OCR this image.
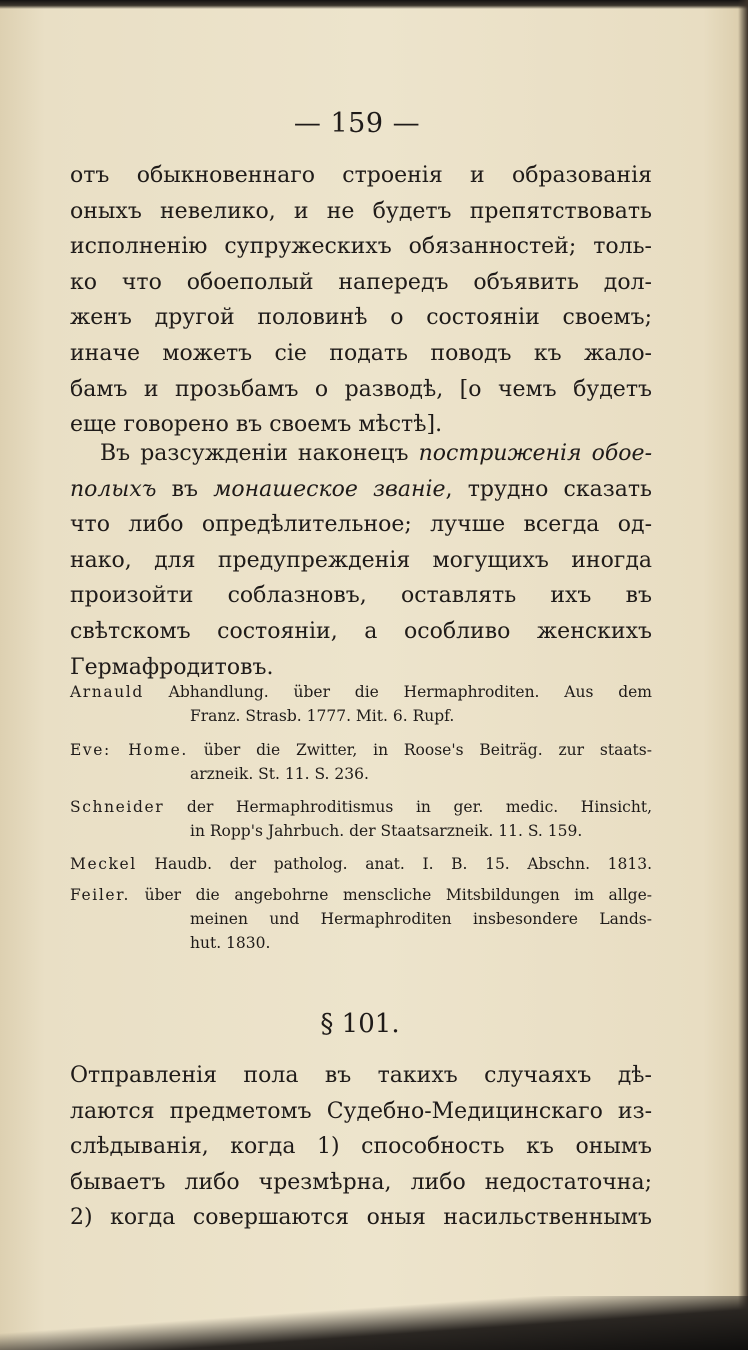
— 159 —
отъ обыкновеннаго строенія и образованія
оныхъ невелико, и не будетъ препятствовать
исполненію супружескихъ обязанностей; толь-
ко что обоеполый напередъ объявить дол-
женъ другой половинѣ о состояніи своемъ;
иначе можетъ сіе подать поводъ къ жало-
бамъ и прозьбамъ о разводѣ, [о чемъ будетъ
еще говорено въ своемъ мѣстѣ].
Въ разсужденіи наконецъ постриженія обое-
полыхъ въ монашеское званіе, трудно сказать
что либо опредѣлительное; лучше всегда од-
нако, для предупрежденія могущихъ иногда
произойти соблазновъ, оставлять ихъ въ
свѣтскомъ состояніи, а особливо женскихъ
Гермафродитовъ.
Arnauld Abhandlung. über die Hermaphroditen. Aus dem
Franz. Strasb. 1777. Mit. 6. Rupf.
Eve: Home. über die Zwitter, in Roose's Beiträg. zur staats-
arzneik. St. 11. S. 236.
Schneider der Hermaphroditismus in ger. medic. Hinsicht,
in Ropp's Jahrbuch. der Staatsarzneik. 11. S. 159.
Meckel Haudb. der patholog. anat. I. B. 15. Abschn. 1813.
Feiler. über die angebohrne menscliche Mitsbildungen im allge-
meinen und Hermaphroditen insbesondere Lands-
hut. 1830.
§ 101.
Отправленія пола въ такихъ случаяхъ дѣ-
лаются предметомъ Судебно-Медицинскаго из-
слѣдыванія, когда 1) способность къ онымъ
бываетъ либо чрезмѣрна, либо недостаточна;
2) когда совершаются оныя насильственнымъ
